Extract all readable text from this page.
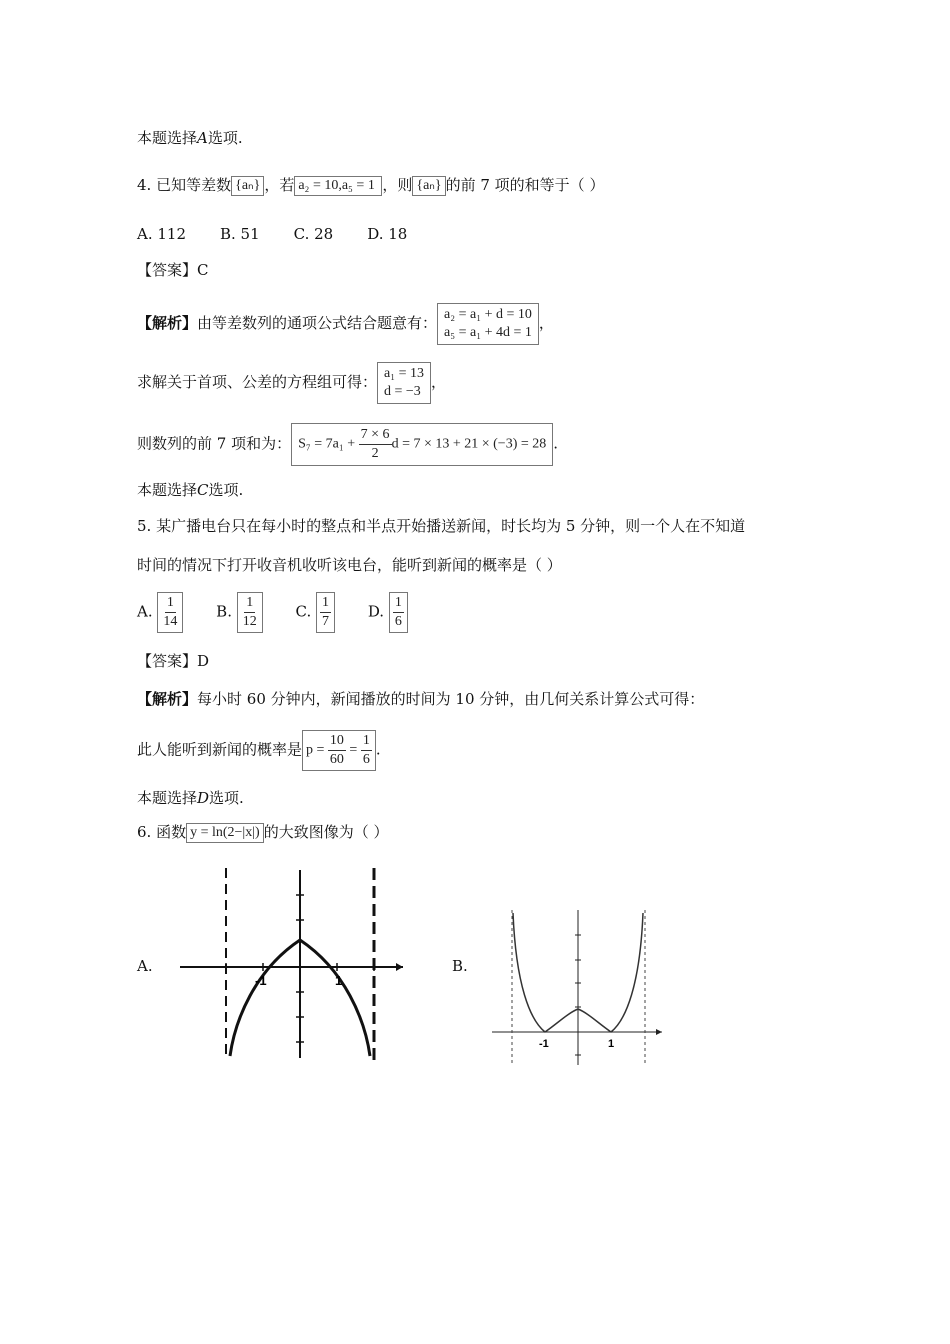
本题选择A选项.
4. 已知等差数 {aₙ} ，若 a₂ = 10,a₅ = 1 ，则 {aₙ} 的前 7 项的和等于（ ）
A. 112 B. 51 C. 28 D. 18
【答案】C
【解析】由等差数列的通项公式结合题意有： a₂ = a₁ + d = 10
a₅ = a₁ + 4d = 1
，
求解关于首项、公差的方程组可得： a₁ = 13
d = −3
，
则数列的前 7 项和为： $S_7 = 7a_1 + \frac{7 \times 6}{2}$ d = 7 × 13 + 21 × (−3) = 28 .
本题选择C选项.
5. 某广播电台只在每小时的整点和半点开始播送新闻，时长均为 5 分钟，则一个人在不知道
时间的情况下打开收音机收听该电台，能听到新闻的概率是（ ）
A. $\frac{1}{14} B$. $\frac{1}{12} C$. $\frac{1}{7} D$. $\frac{1}{6}$
【答案】D
【解析】每小时 60 分钟内，新闻播放的时间为 10 分钟，由几何关系计算公式可得：
此人能听到新闻的概率是 $p = \frac{10}{60} = \frac{1}{6}$ .
本题选择D选项.
6. 函数 y = ln(2−|x|) 的大致图像为（ ）
A.
-1	1
B.
-1	1
